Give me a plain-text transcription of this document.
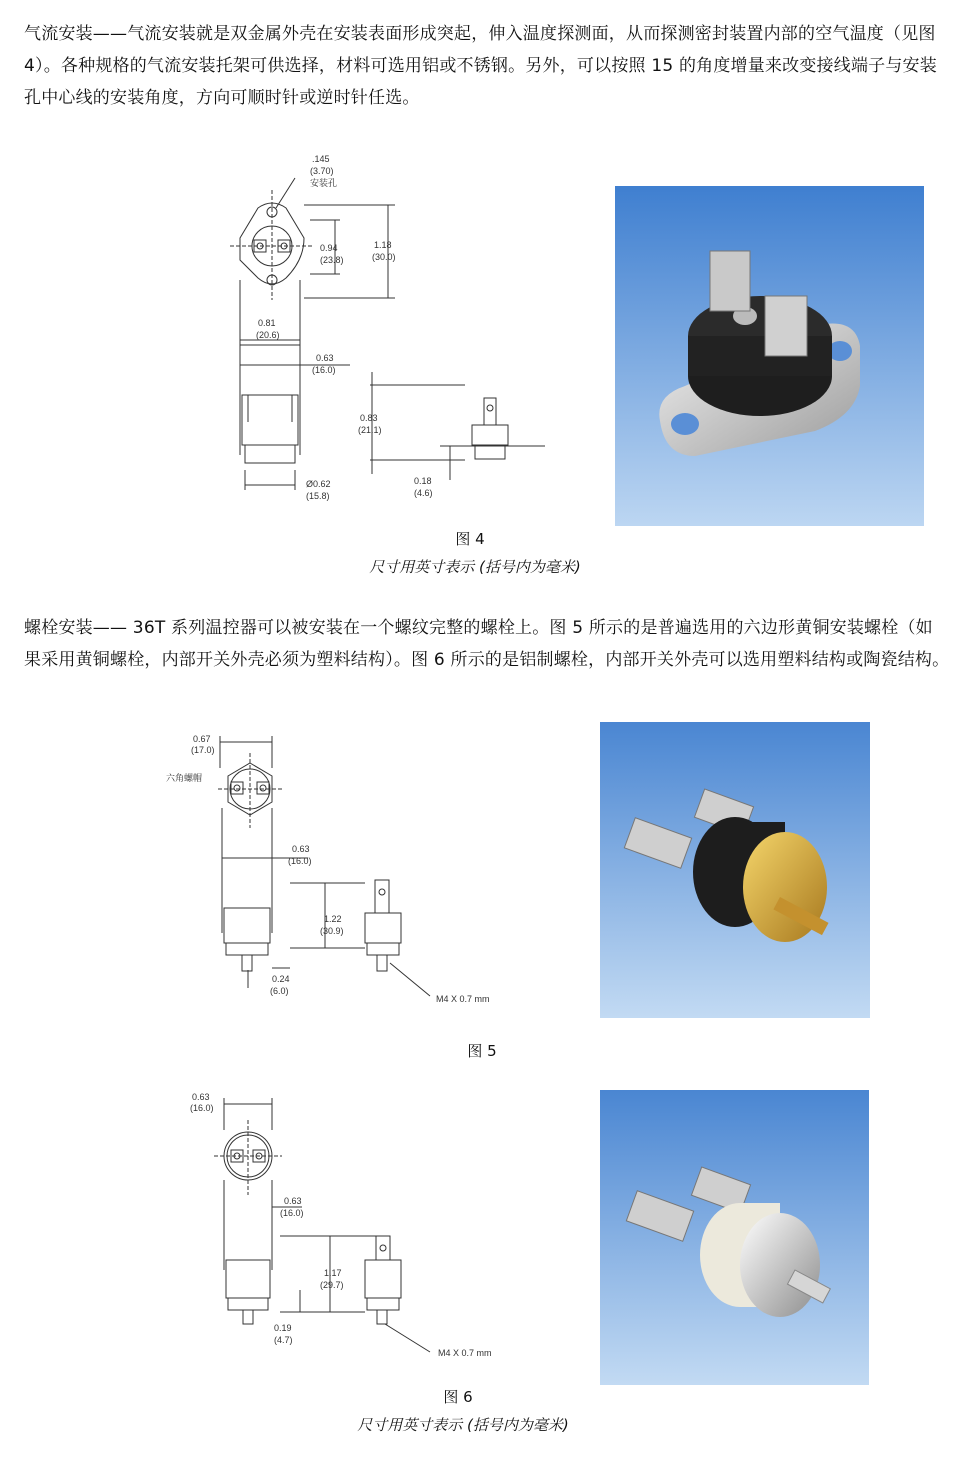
气流安装——气流安装就是双金属外壳在安装表面形成突起，伸入温度探测面，从而探测密封装置内部的空气温度（见图 4）。各种规格的气流安装托架可供选择，材料可选用铝或不锈钢。另外，可以按照 15 的角度增量来改变接线端子与安装孔中心线的安装角度，方向可顺时针或逆时针任选。

.145
(3.70)
安装孔
0.94
(23.8)
1.18
(30.0)
0.81
(20.6)
0.63
(16.0)
0.83
(21.1)
Ø0.62
(15.8)
0.18
(4.6)
图 4
尺寸用英寸表示 (括号内为毫米)

螺栓安装—— 36T 系列温控器可以被安装在一个螺纹完整的螺栓上。图 5 所示的是普遍选用的六边形黄铜安装螺栓（如果采用黄铜螺栓，内部开关外壳必须为塑料结构）。图 6 所示的是铝制螺栓，内部开关外壳可以选用塑料结构或陶瓷结构。

0.67
(17.0)
六角螺帽
0.63
(16.0)
1.22
(30.9)
0.24
(6.0)
M4 X 0.7 mm
图 5
0.63
(16.0)
0.63
(16.0)
1.17
(29.7)
0.19
(4.7)
M4 X 0.7 mm
图 6
尺寸用英寸表示 (括号内为毫米)
